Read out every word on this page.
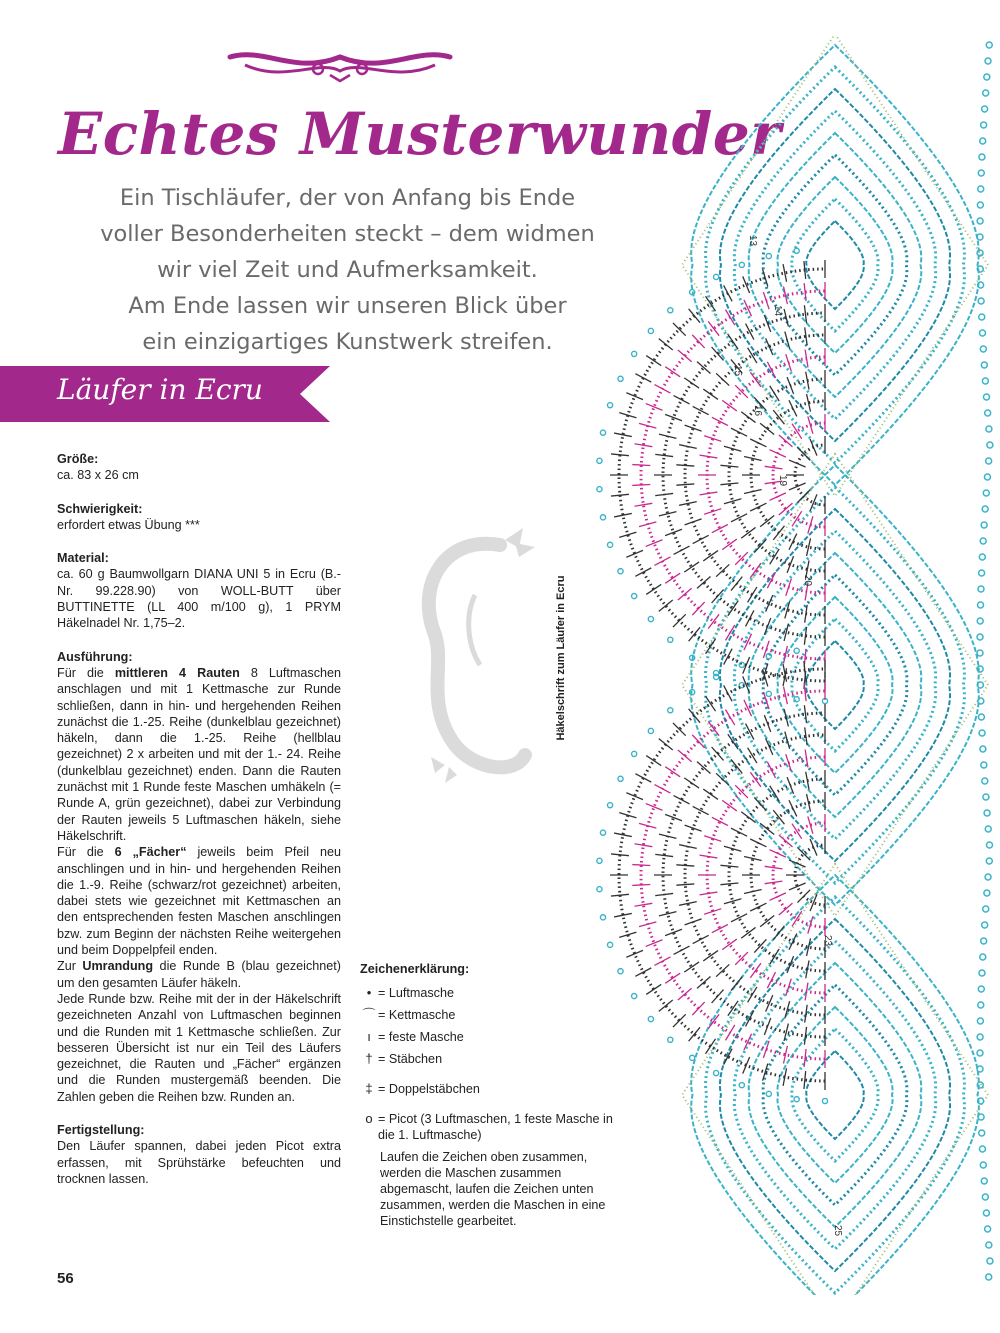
Echtes Musterwunder

Ein Tischläufer, der von Anfang bis Ende
voller Besonderheiten steckt – dem widmen
wir viel Zeit und Aufmerksamkeit.
Am Ende lassen wir unseren Blick über
ein einzigartiges Kunstwerk streifen.

Läufer in Ecru
Größe:

ca. 83 x 26 cm

Schwierigkeit:

erfordert etwas Übung ***

Material:

ca. 60 g Baumwollgarn DIANA UNI 5 in Ecru (B.-Nr. 99.228.90) von WOLL-BUTT über BUTTINETTE (LL 400 m/100 g), 1 PRYM Häkelnadel Nr. 1,75–2.

Ausführung:

Für die mittleren 4 Rauten 8 Luftmaschen anschlagen und mit 1 Kettmasche zur Runde schließen, dann in hin- und hergehenden Reihen zunächst die 1.-25. Reihe (dunkelblau gezeichnet) häkeln, dann die 1.-25. Reihe (hellblau gezeichnet) 2 x arbeiten und mit der 1.- 24. Reihe (dunkelblau gezeichnet) enden. Dann die Rauten zunächst mit 1 Runde feste Maschen umhäkeln (= Runde A, grün gezeichnet), dabei zur Verbindung der Rauten jeweils 5 Luftmaschen häkeln, siehe Häkelschrift.

Für die 6 „Fächer“ jeweils beim Pfeil neu anschlingen und in hin- und hergehenden Reihen die 1.-9. Reihe (schwarz/rot gezeichnet) arbeiten, dabei stets wie gezeichnet mit Kettmaschen an den entsprechenden festen Maschen anschlingen bzw. zum Beginn der nächsten Reihe weitergehen und beim Doppelpfeil enden.

Zur Umrandung die Runde B (blau gezeichnet) um den gesamten Läufer häkeln.

Jede Runde bzw. Reihe mit der in der Häkelschrift gezeichneten Anzahl von Luftmaschen beginnen und die Runden mit 1 Kettmasche schließen. Zur besseren Übersicht ist nur ein Teil des Läufers gezeichnet, die Rauten und „Fächer“ ergänzen und die Runden mustergemäß beenden. Die Zahlen geben die Reihen bzw. Runden an.

Fertigstellung:

Den Läufer spannen, dabei jeden Picot extra erfassen, mit Sprühstärke befeuchten und trocknen lassen.

56
Häkelschrift zum Läufer in Ecru
Zeichenerklärung:
• = Luftmasche
⌒ = Kettmasche
ı = feste Masche
† = Stäbchen
‡ = Doppelstäbchen
o = Picot (3 Luftmaschen, 1 feste Masche in die 1. Luftmasche)

Laufen die Zeichen oben zusammen, werden die Maschen zusammen abgemascht, laufen die Zeichen unten zusammen, werden die Maschen in eine Einstichstelle gearbeitet.

13
14
15
16
19
20
23
25
